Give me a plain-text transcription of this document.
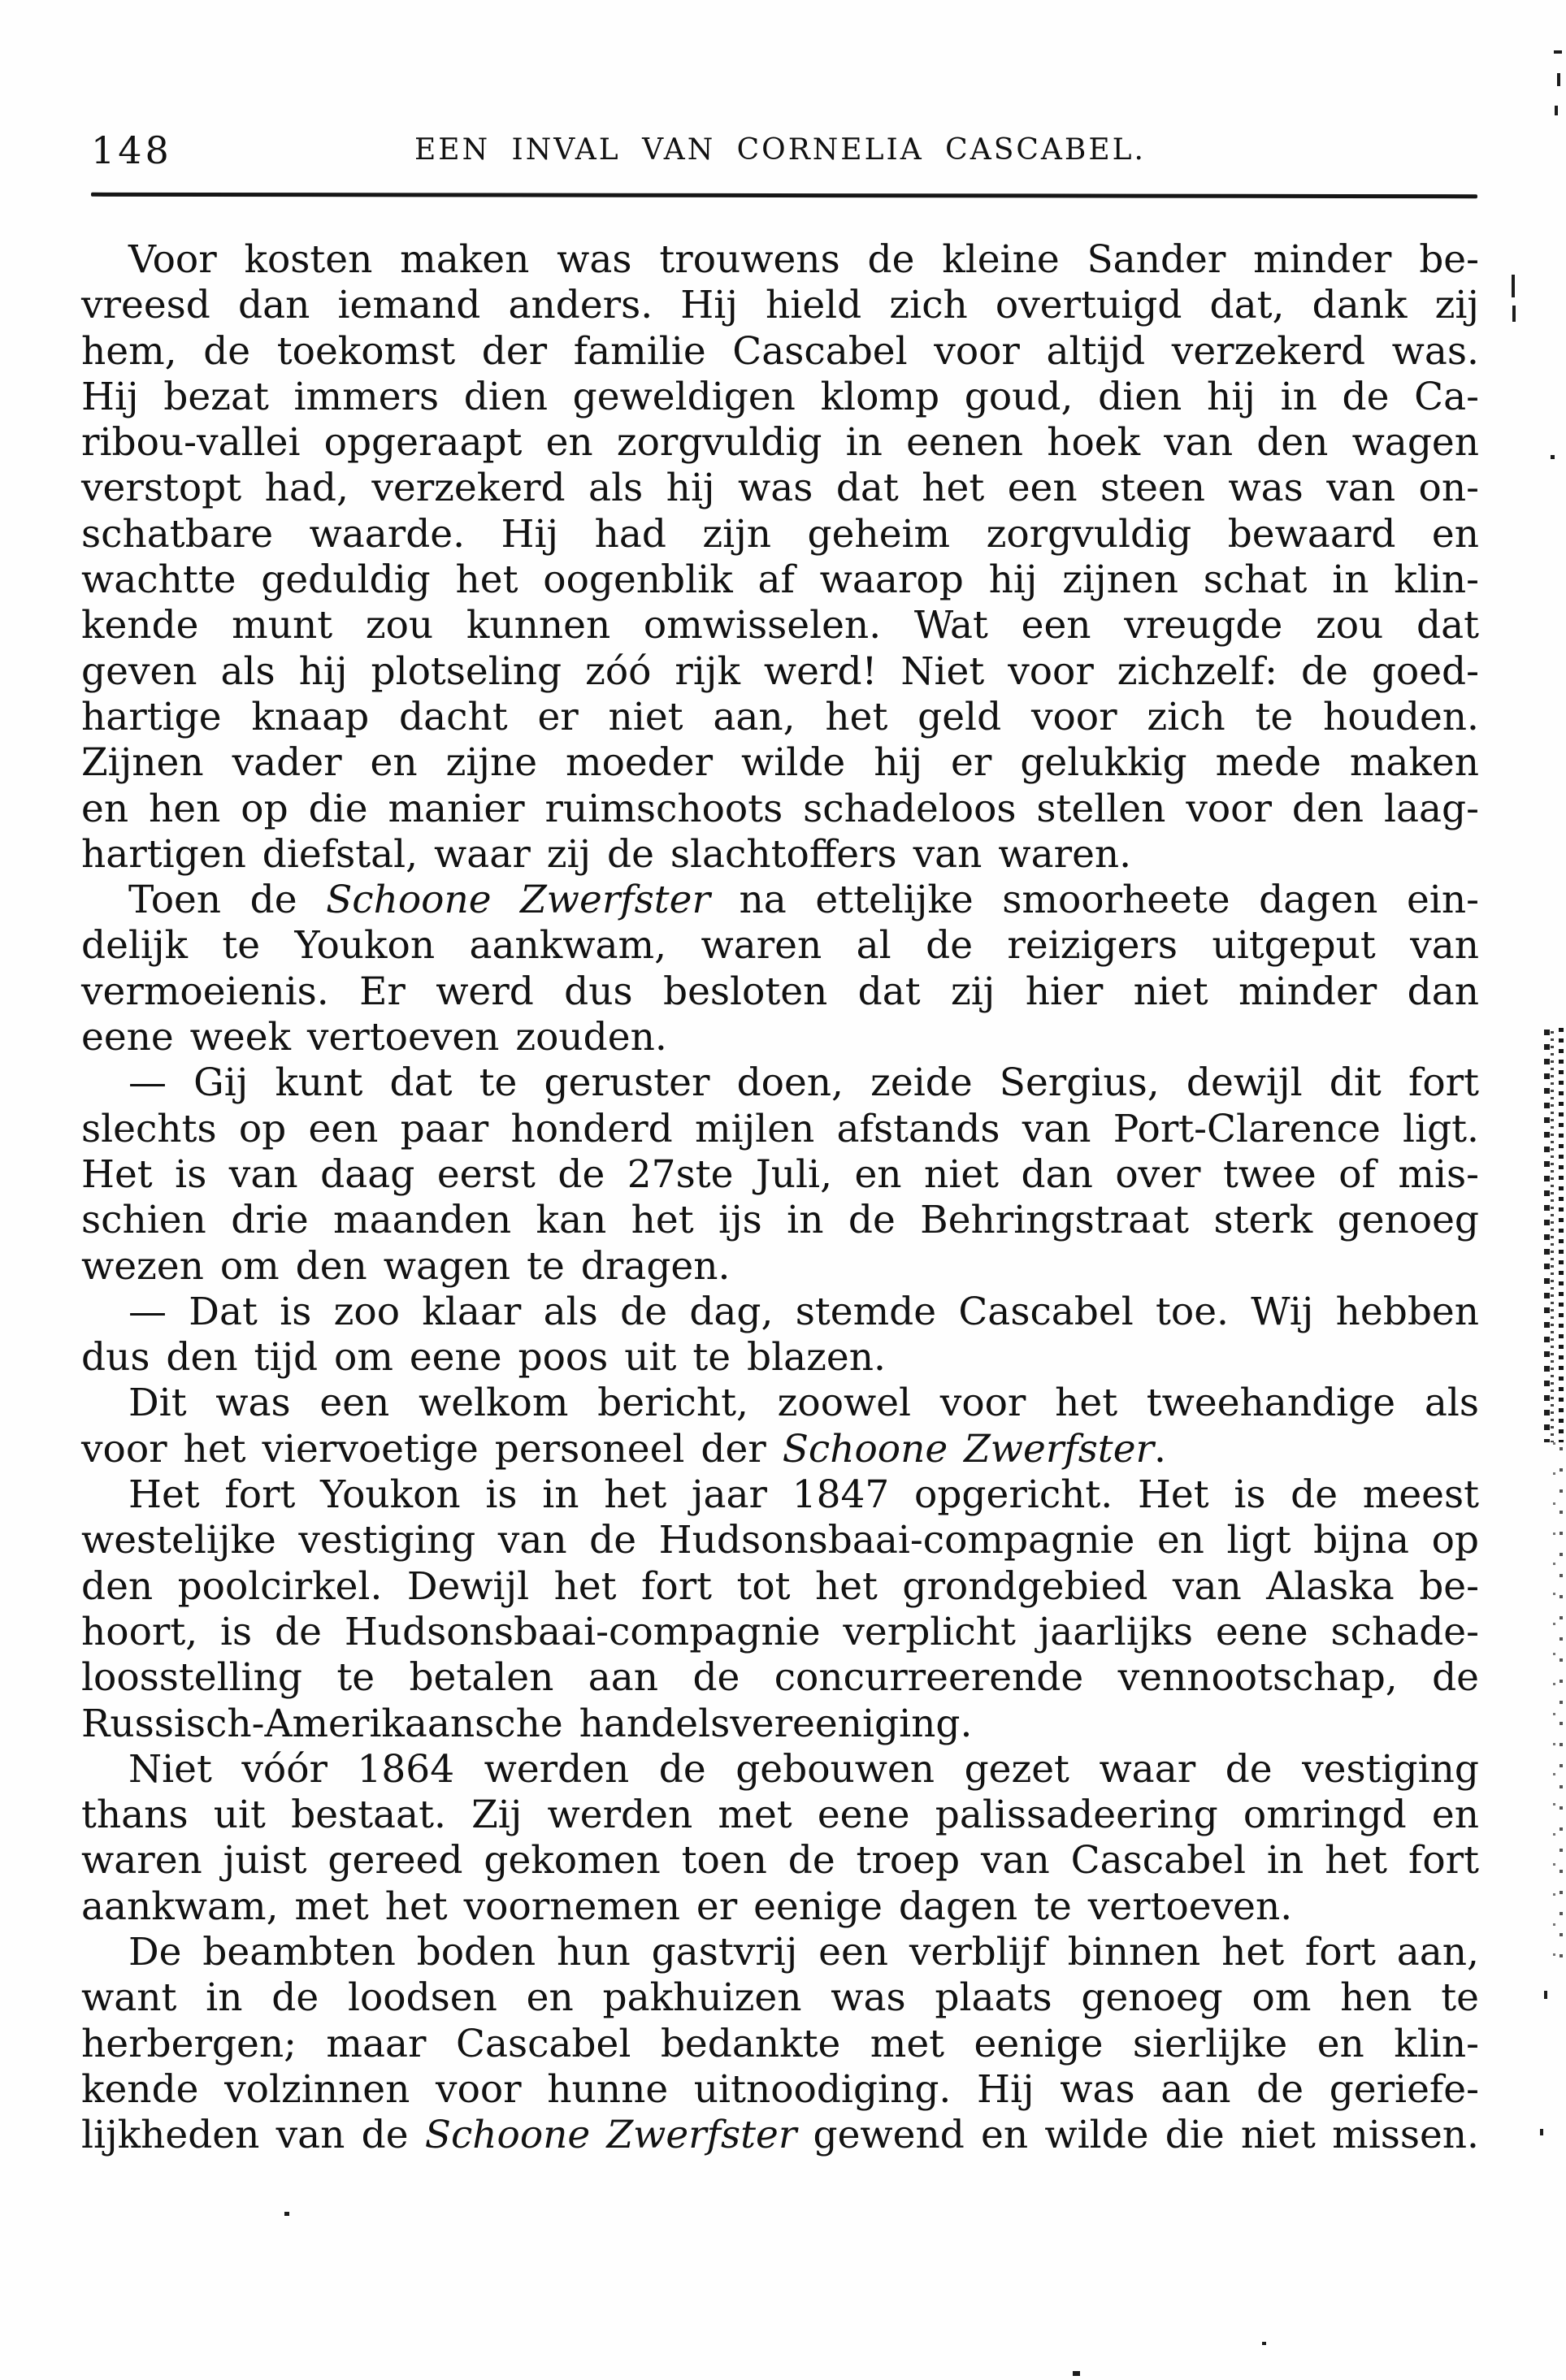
148	EEN INVAL VAN CORNELIA CASCABEL.
Voor kosten maken was trouwens de kleine Sander minder be-
vreesd dan iemand anders. Hij hield zich overtuigd dat, dank zij
hem, de toekomst der familie Cascabel voor altijd verzekerd was.
Hij bezat immers dien geweldigen klomp goud, dien hij in de Ca-
ribou-vallei opgeraapt en zorgvuldig in eenen hoek van den wagen
verstopt had, verzekerd als hij was dat het een steen was van on-
schatbare waarde. Hij had zijn geheim zorgvuldig bewaard en
wachtte geduldig het oogenblik af waarop hij zijnen schat in klin-
kende munt zou kunnen omwisselen. Wat een vreugde zou dat
geven als hij plotseling zóó rijk werd! Niet voor zichzelf: de goed-
hartige knaap dacht er niet aan, het geld voor zich te houden.
Zijnen vader en zijne moeder wilde hij er gelukkig mede maken
en hen op die manier ruimschoots schadeloos stellen voor den laag-
hartigen diefstal, waar zij de slachtoffers van waren.
Toen de Schoone Zwerfster na ettelijke smoorheete dagen ein-
delijk te Youkon aankwam, waren al de reizigers uitgeput van
vermoeienis. Er werd dus besloten dat zij hier niet minder dan
eene week vertoeven zouden.
— Gij kunt dat te geruster doen, zeide Sergius, dewijl dit fort
slechts op een paar honderd mijlen afstands van Port-Clarence ligt.
Het is van daag eerst de 27ste Juli, en niet dan over twee of mis-
schien drie maanden kan het ijs in de Behringstraat sterk genoeg
wezen om den wagen te dragen.
— Dat is zoo klaar als de dag, stemde Cascabel toe. Wij hebben
dus den tijd om eene poos uit te blazen.
Dit was een welkom bericht, zoowel voor het tweehandige als
voor het viervoetige personeel der Schoone Zwerfster.
Het fort Youkon is in het jaar 1847 opgericht. Het is de meest
westelijke vestiging van de Hudsonsbaai-compagnie en ligt bijna op
den poolcirkel. Dewijl het fort tot het grondgebied van Alaska be-
hoort, is de Hudsonsbaai-compagnie verplicht jaarlijks eene schade-
loosstelling te betalen aan de concurreerende vennootschap, de
Russisch-Amerikaansche handelsvereeniging.
Niet vóór 1864 werden de gebouwen gezet waar de vestiging
thans uit bestaat. Zij werden met eene palissadeering omringd en
waren juist gereed gekomen toen de troep van Cascabel in het fort
aankwam, met het voornemen er eenige dagen te vertoeven.
De beambten boden hun gastvrij een verblijf binnen het fort aan,
want in de loodsen en pakhuizen was plaats genoeg om hen te
herbergen; maar Cascabel bedankte met eenige sierlijke en klin-
kende volzinnen voor hunne uitnoodiging. Hij was aan de geriefe-
lijkheden van de Schoone Zwerfster gewend en wilde die niet missen.
